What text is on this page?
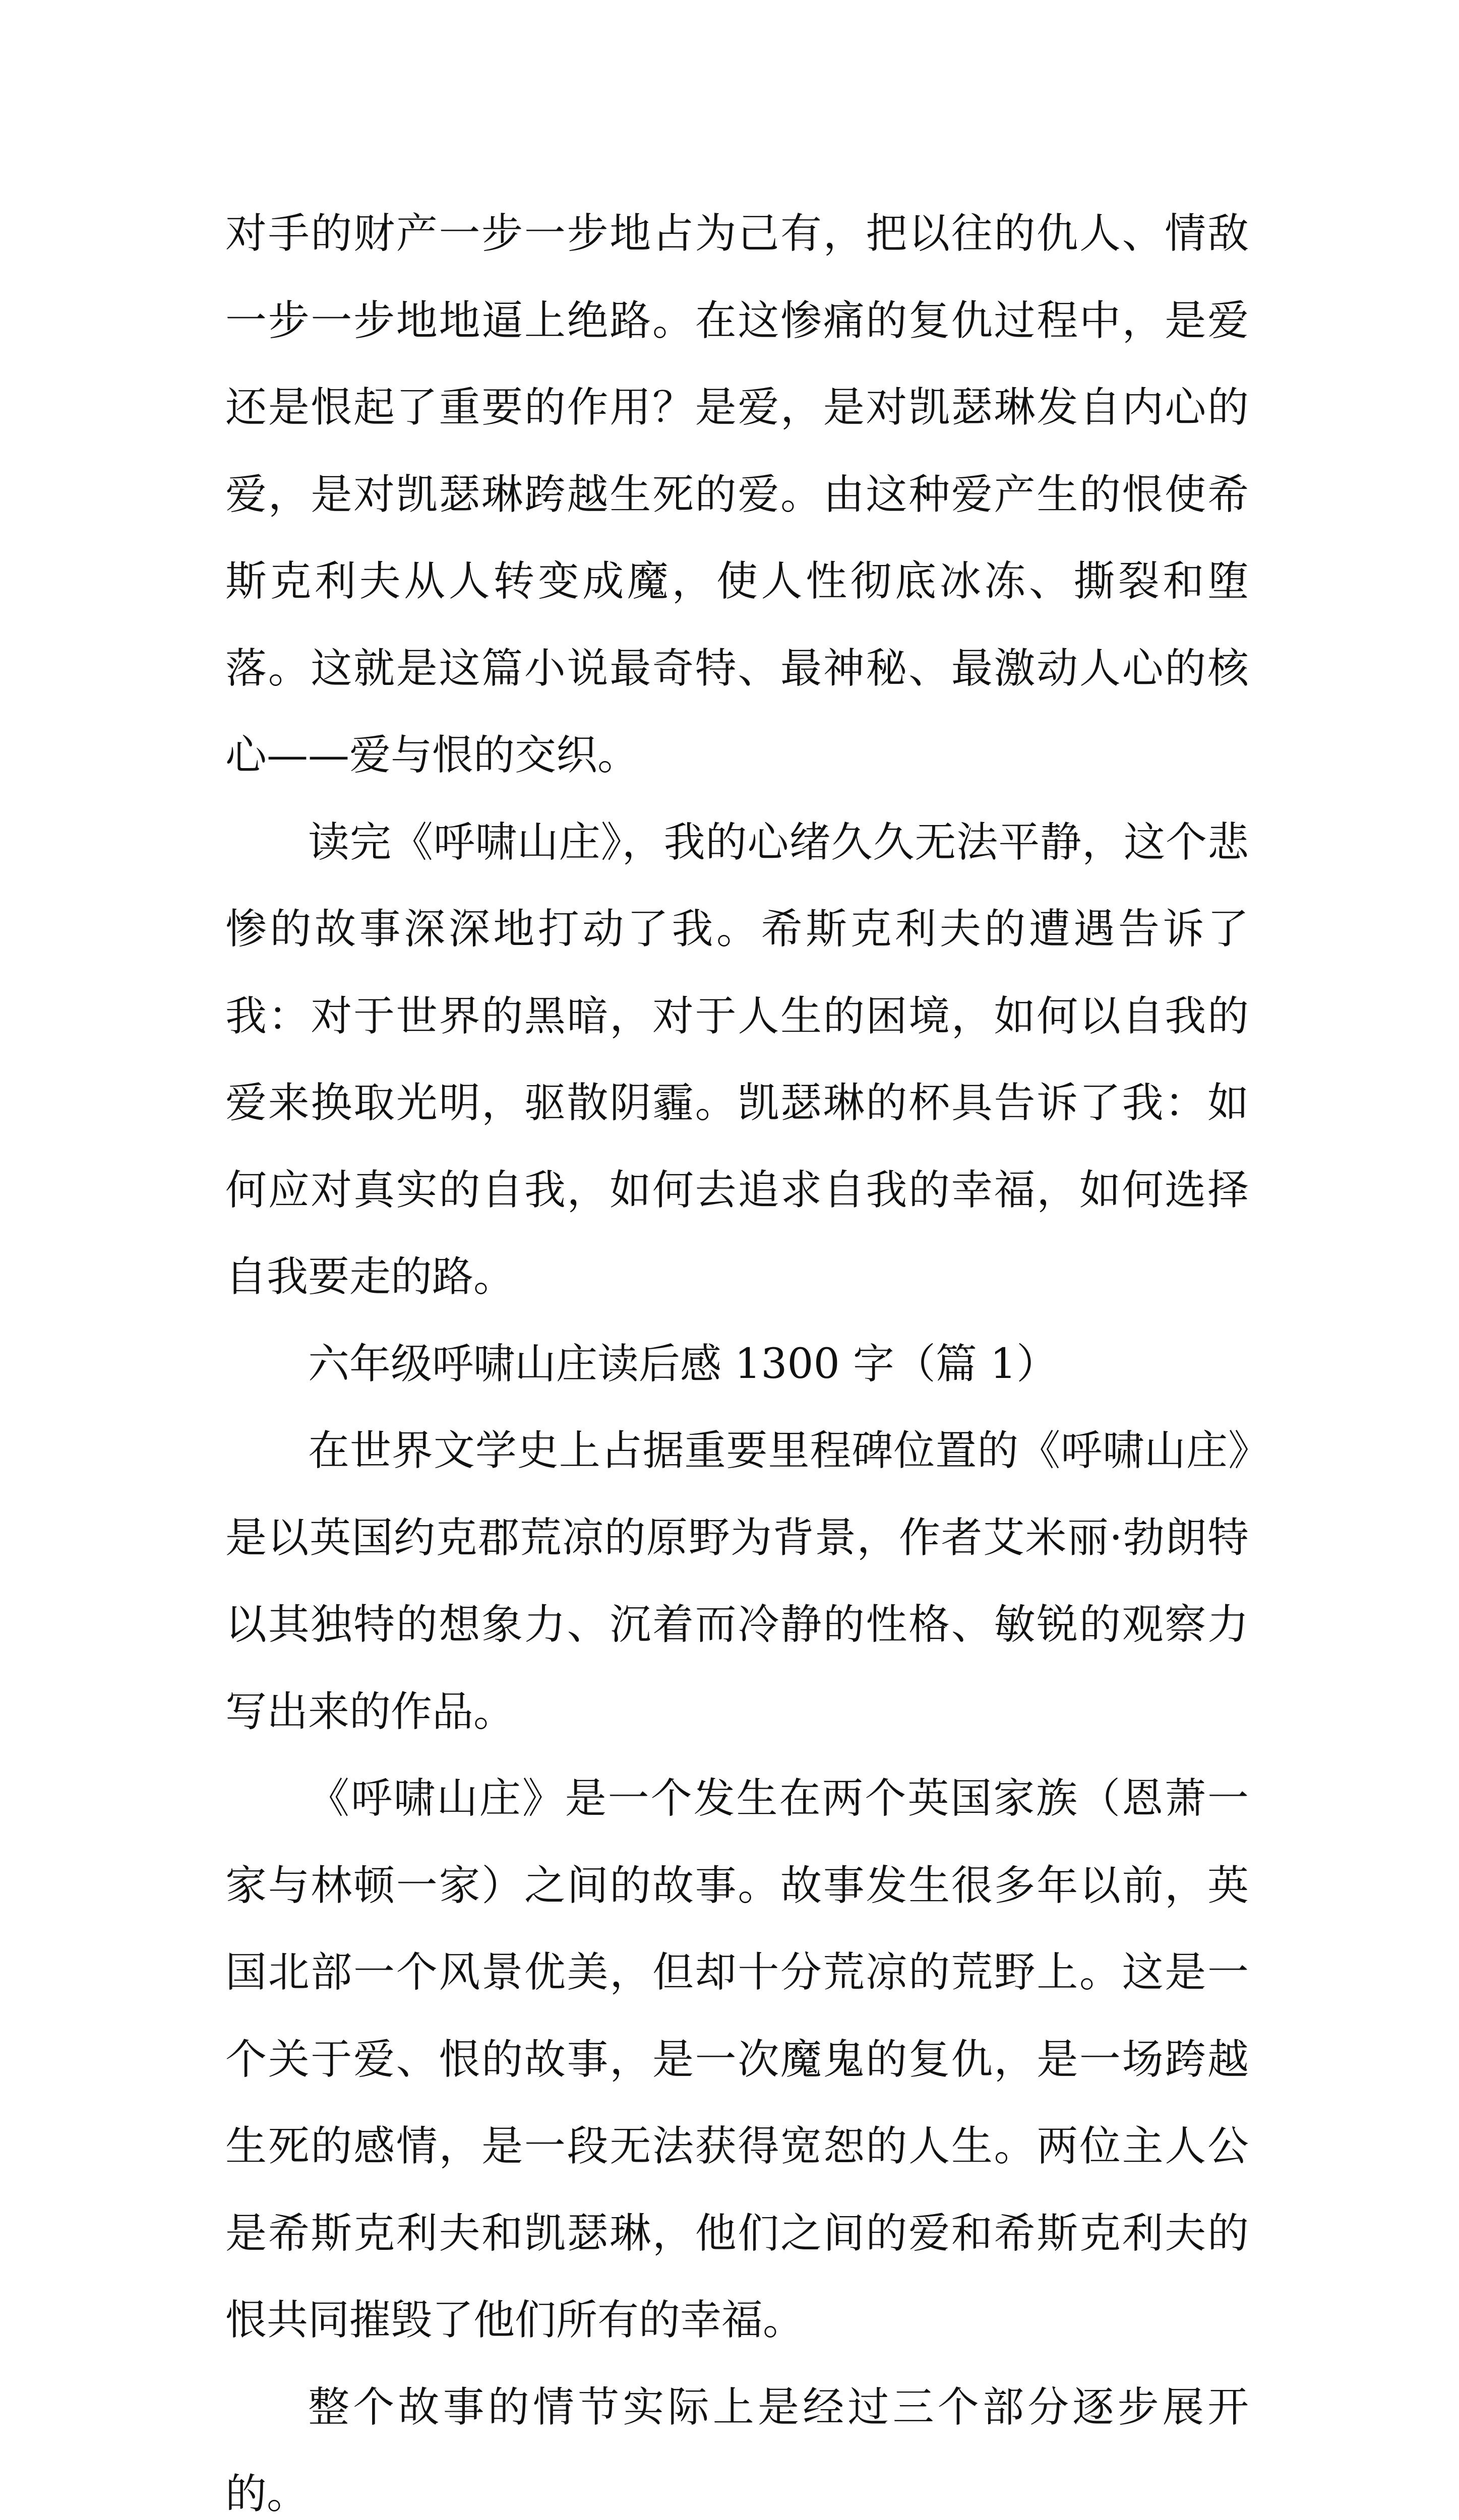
对手的财产一步一步地占为己有，把以往的仇人、情敌一步一步地地逼上绝路。在这惨痛的复仇过程中，是爱还是恨起了重要的作用？是爱，是对凯瑟琳发自内心的爱，是对凯瑟琳跨越生死的爱。由这种爱产生的恨使希斯克利夫从人转变成魔，使人性彻底冰冻、撕裂和堕落。这就是这篇小说最奇特、最神秘、最激动人心的核心——爱与恨的交织。

读完《呼啸山庄》，我的心绪久久无法平静，这个悲惨的故事深深地打动了我。希斯克利夫的遭遇告诉了我：对于世界的黑暗，对于人生的困境，如何以自我的爱来换取光明，驱散阴霾。凯瑟琳的杯具告诉了我：如何应对真实的自我，如何去追求自我的幸福，如何选择自我要走的路。

六年级呼啸山庄读后感 1300 字（篇 1）

在世界文学史上占据重要里程碑位置的《呼啸山庄》是以英国约克郡荒凉的原野为背景，作者艾米丽·勃朗特以其独特的想象力、沉着而冷静的性格、敏锐的观察力写出来的作品。

《呼啸山庄》是一个发生在两个英国家族（恩萧一家与林顿一家）之间的故事。故事发生很多年以前，英国北部一个风景优美，但却十分荒凉的荒野上。这是一个关于爱、恨的故事，是一次魔鬼的复仇，是一场跨越生死的感情，是一段无法获得宽恕的人生。两位主人公是希斯克利夫和凯瑟琳，他们之间的爱和希斯克利夫的恨共同摧毁了他们所有的幸福。

整个故事的情节实际上是经过三个部分逐步展开的。
